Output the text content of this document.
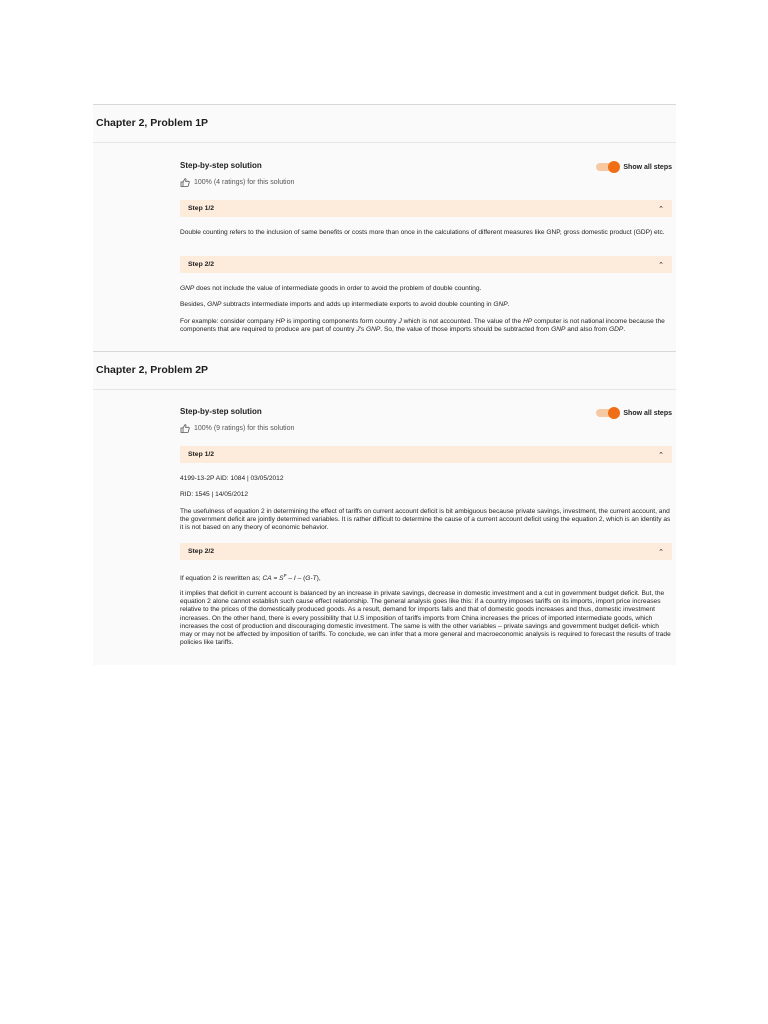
Chapter 2, Problem 1P
Step-by-step solution
100% (4 ratings) for this solution
Show all steps
Step 1/2	⌃
Double counting refers to the inclusion of same benefits or costs more than once in the calculations of different measures like GNP, gross domestic product (GDP) etc.
Step 2/2	⌃
GNP does not include the value of intermediate goods in order to avoid the problem of double counting.
Besides, GNP subtracts intermediate imports and adds up intermediate exports to avoid double counting in GNP.
For example: consider company HP is importing components form country J which is not accounted. The value of the HP computer is not national income because the components that are required to produce are part of country J's GNP. So, the value of those imports should be subtracted from GNP and also from GDP.
Chapter 2, Problem 2P
Step-by-step solution
100% (9 ratings) for this solution
Show all steps
Step 1/2	⌃
4199-13-2P AID: 1084 | 03/05/2012
RID: 1545 | 14/05/2012
The usefulness of equation 2 in determining the effect of tariffs on current account deficit is bit ambiguous because private savings, investment, the current account, and the government deficit are jointly determined variables. It is rather difficult to determine the cause of a current account deficit using the equation 2, which is an identity as it is not based on any theory of economic behavior.
Step 2/2	⌃
If equation 2 is rewritten as; CA = $S^P$ – I – (G-T),
it implies that deficit in current account is balanced by an increase in private savings, decrease in domestic investment and a cut in government budget deficit. But, the equation 2 alone cannot establish such cause effect relationship. The general analysis goes like this: if a country imposes tariffs on its imports, import price increases relative to the prices of the domestically produced goods. As a result, demand for imports falls and that of domestic goods increases and thus, domestic investment increases. On the other hand, there is every possibility that U.S imposition of tariffs imports from China increases the prices of imported intermediate goods, which increases the cost of production and discouraging domestic investment. The same is with the other variables – private savings and government budget deficit- which may or may not be affected by imposition of tariffs. To conclude, we can infer that a more general and macroeconomic analysis is required to forecast the results of trade policies like tariffs.
